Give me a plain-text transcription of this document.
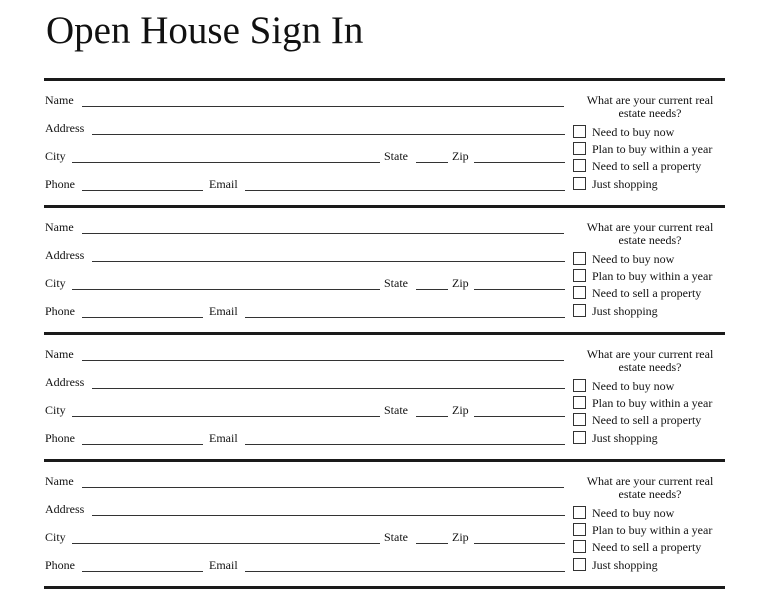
Open House Sign In
Name
Address
City	State	Zip
Phone	Email
What are your current real estate needs?
Need to buy now
Plan to buy within a year
Need to sell a property
Just shopping
Name
Address
City	State	Zip
Phone	Email
What are your current real estate needs?
Need to buy now
Plan to buy within a year
Need to sell a property
Just shopping
Name
Address
City	State	Zip
Phone	Email
What are your current real estate needs?
Need to buy now
Plan to buy within a year
Need to sell a property
Just shopping
Name
Address
City	State	Zip
Phone	Email
What are your current real estate needs?
Need to buy now
Plan to buy within a year
Need to sell a property
Just shopping
